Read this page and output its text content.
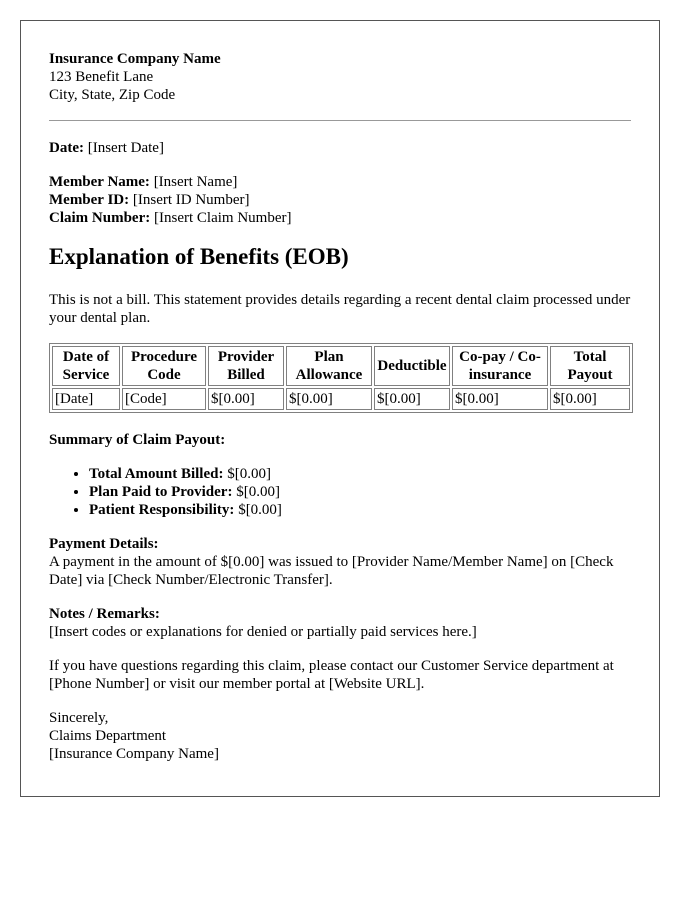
Insurance Company Name
123 Benefit Lane
City, State, Zip Code
Date: [Insert Date]
Member Name: [Insert Name]
Member ID: [Insert ID Number]
Claim Number: [Insert Claim Number]
Explanation of Benefits (EOB)

This is not a bill. This statement provides details regarding a recent dental claim processed under your dental plan.

Date of Service	Procedure Code	Provider Billed	Plan Allowance	Deductible	Co-pay / Co-insurance	Total Payout
[Date]	[Code]	$[0.00]	$[0.00]	$[0.00]	$[0.00]	$[0.00]
Summary of Claim Payout:
• Total Amount Billed: $[0.00]
• Plan Paid to Provider: $[0.00]
• Patient Responsibility: $[0.00]
Payment Details:

A payment in the amount of $[0.00] was issued to [Provider Name/Member Name] on [Check Date] via [Check Number/Electronic Transfer].

Notes / Remarks:

[Insert codes or explanations for denied or partially paid services here.]

If you have questions regarding this claim, please contact our Customer Service department at [Phone Number] or visit our member portal at [Website URL].

Sincerely,
Claims Department
[Insurance Company Name]
